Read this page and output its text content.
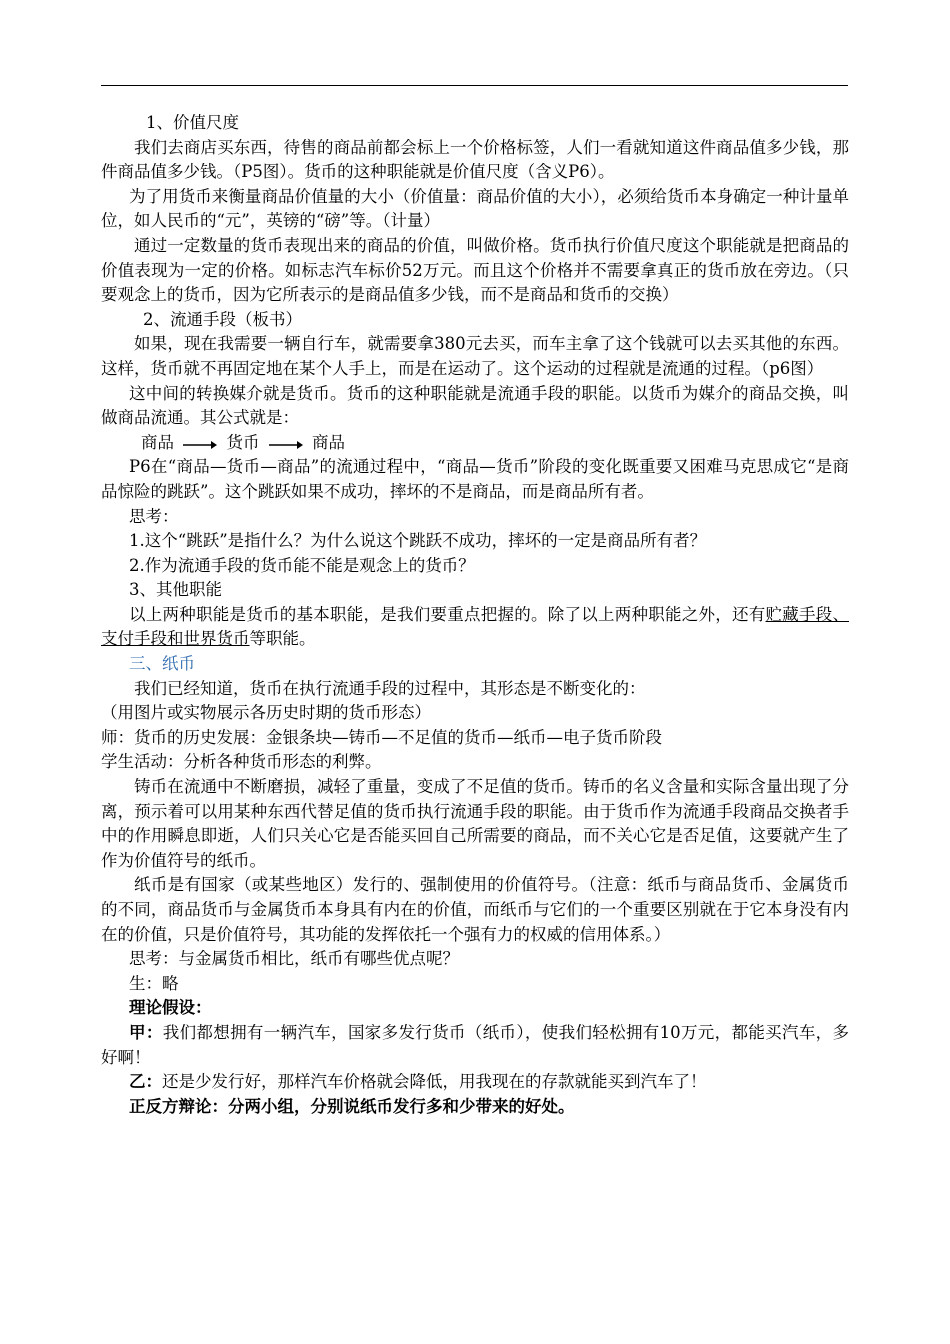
1、价值尺度

我们去商店买东西，待售的商品前都会标上一个价格标签，人们一看就知道这件商品值多少钱，那件商品值多少钱。（P5图）。货币的这种职能就是价值尺度（含义P6）。

为了用货币来衡量商品价值量的大小（价值量：商品价值的大小），必须给货币本身确定一种计量单位，如人民币的“元”，英镑的“磅”等。（计量）

通过一定数量的货币表现出来的商品的价值，叫做价格。货币执行价值尺度这个职能就是把商品的价值表现为一定的价格。如标志汽车标价52万元。而且这个价格并不需要拿真正的货币放在旁边。（只要观念上的货币，因为它所表示的是商品值多少钱，而不是商品和货币的交换）

2、流通手段（板书）

如果，现在我需要一辆自行车，就需要拿380元去买，而车主拿了这个钱就可以去买其他的东西。这样，货币就不再固定地在某个人手上，而是在运动了。这个运动的过程就是流通的过程。（p6图）

这中间的转换媒介就是货币。货币的这种职能就是流通手段的职能。以货币为媒介的商品交换，叫做商品流通。其公式就是：

商品	货币	商品

P6在“商品—货币—商品”的流通过程中，“商品—货币”阶段的变化既重要又困难马克思成它“是商品惊险的跳跃”。这个跳跃如果不成功，摔坏的不是商品，而是商品所有者。

思考：

1.这个“跳跃”是指什么？为什么说这个跳跃不成功，摔坏的一定是商品所有者？

2.作为流通手段的货币能不能是观念上的货币？

3、其他职能

以上两种职能是货币的基本职能，是我们要重点把握的。除了以上两种职能之外，还有贮藏手段、支付手段和世界货币等职能。

三、纸币

我们已经知道，货币在执行流通手段的过程中，其形态是不断变化的：

（用图片或实物展示各历史时期的货币形态）

师：货币的历史发展：金银条块—铸币—不足值的货币—纸币—电子货币阶段

学生活动：分析各种货币形态的利弊。

铸币在流通中不断磨损，减轻了重量，变成了不足值的货币。铸币的名义含量和实际含量出现了分离，预示着可以用某种东西代替足值的货币执行流通手段的职能。由于货币作为流通手段商品交换者手中的作用瞬息即逝，人们只关心它是否能买回自己所需要的商品，而不关心它是否足值，这要就产生了作为价值符号的纸币。

纸币是有国家（或某些地区）发行的、强制使用的价值符号。（注意：纸币与商品货币、金属货币的不同，商品货币与金属货币本身具有内在的价值，而纸币与它们的一个重要区别就在于它本身没有内在的价值，只是价值符号，其功能的发挥依托一个强有力的权威的信用体系。）

思考：与金属货币相比，纸币有哪些优点呢？

生：略

理论假设：

甲：我们都想拥有一辆汽车，国家多发行货币（纸币），使我们轻松拥有10万元，都能买汽车，多好啊！

乙：还是少发行好，那样汽车价格就会降低，用我现在的存款就能买到汽车了！

正反方辩论：分两小组，分别说纸币发行多和少带来的好处。
